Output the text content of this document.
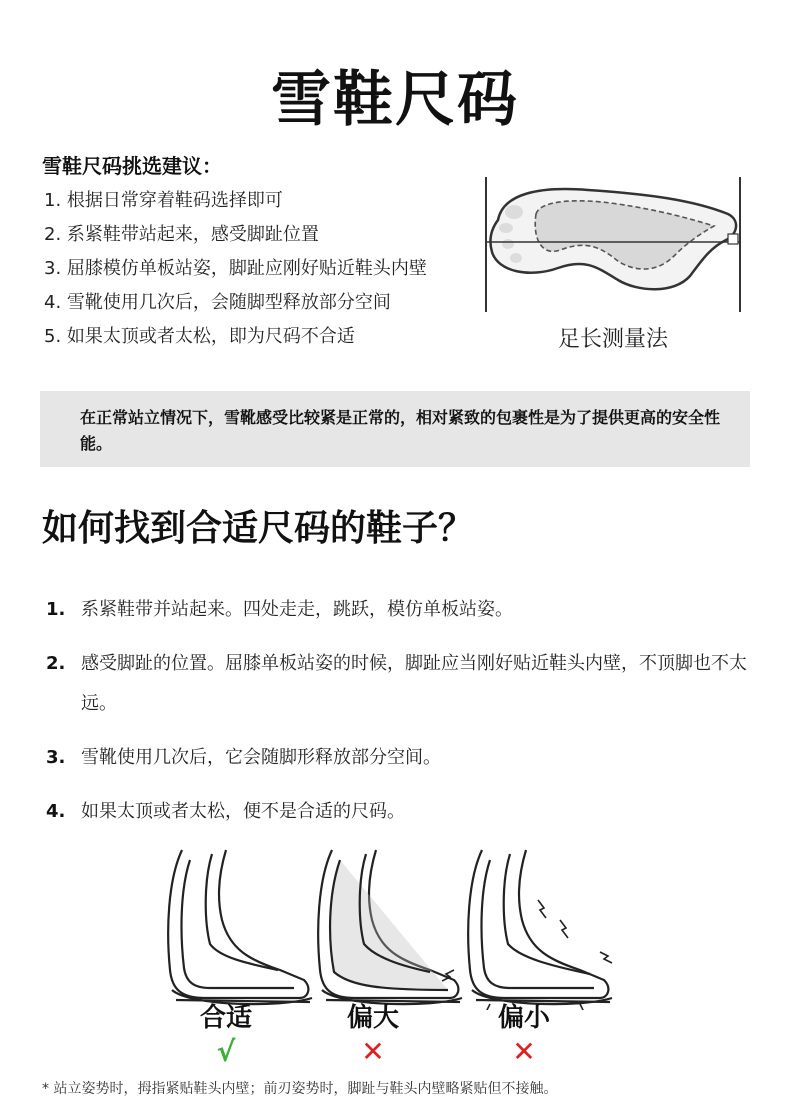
雪鞋尺码
雪鞋尺码挑选建议：
1. 根据日常穿着鞋码选择即可
2. 系紧鞋带站起来，感受脚趾位置
3. 屈膝模仿单板站姿，脚趾应刚好贴近鞋头内壁
4. 雪靴使用几次后，会随脚型释放部分空间
5. 如果太顶或者太松，即为尺码不合适	足长测量法
在正常站立情况下，雪靴感受比较紧是正常的，相对紧致的包裹性是为了提供更高的安全性能。
如何找到合适尺码的鞋子？
1. 系紧鞋带并站起来。四处走走，跳跃，模仿单板站姿。
2. 感受脚趾的位置。屈膝单板站姿的时候，脚趾应当刚好贴近鞋头内壁，不顶脚也不太远。
3. 雪靴使用几次后，它会随脚形释放部分空间。
4. 如果太顶或者太松，便不是合适的尺码。
合适
√
偏大
✕
偏小
✕
* 站立姿势时，拇指紧贴鞋头内壁；前刃姿势时，脚趾与鞋头内壁略紧贴但不接触。
